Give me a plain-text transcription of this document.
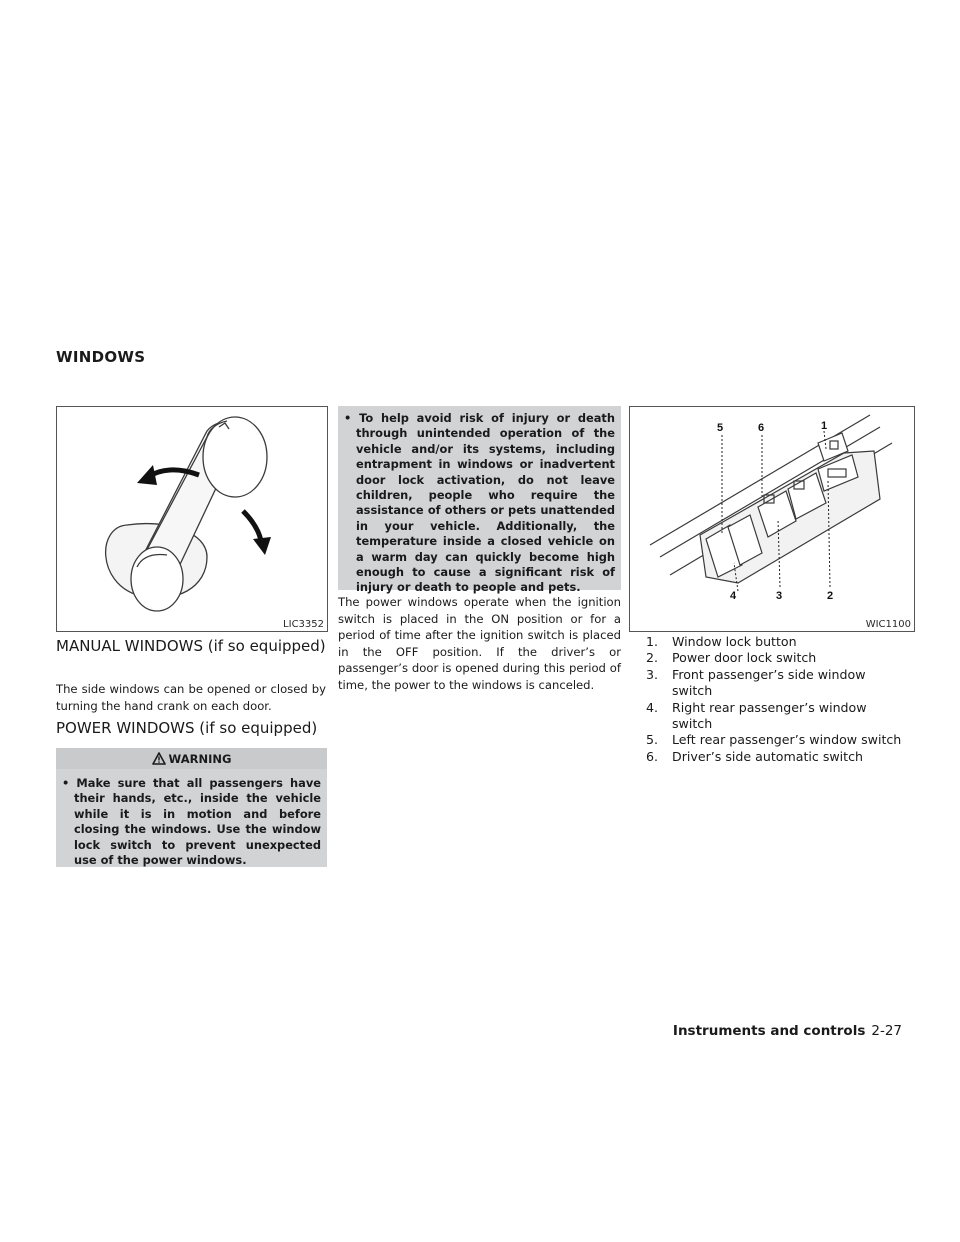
WINDOWS
LIC3352
MANUAL WINDOWS (if so equipped)

The side windows can be opened or closed by turning the hand crank on each door.

POWER WINDOWS (if so equipped)
WARNING

• Make sure that all passengers have their hands, etc., inside the vehicle while it is in motion and before closing the windows. Use the window lock switch to prevent unexpected use of the power windows.

• To help avoid risk of injury or death through unintended operation of the vehicle and/or its systems, including entrapment in windows or inadvertent door lock activation, do not leave children, people who require the assistance of others or pets unattended in your vehicle. Additionally, the temperature inside a closed vehicle on a warm day can quickly become high enough to cause a significant risk of injury or death to people and pets.

The power windows operate when the ignition switch is placed in the ON position or for a period of time after the ignition switch is placed in the OFF position. If the driver’s or passenger’s door is opened during this period of time, the power to the windows is canceled.

1
2
3
4
5	6
WIC1100
1. Window lock button
2. Power door lock switch
3. Front passenger’s side window switch
4. Right rear passenger’s window switch
5. Left rear passenger’s window switch
6. Driver’s side automatic switch
Instruments and controls 2-27
